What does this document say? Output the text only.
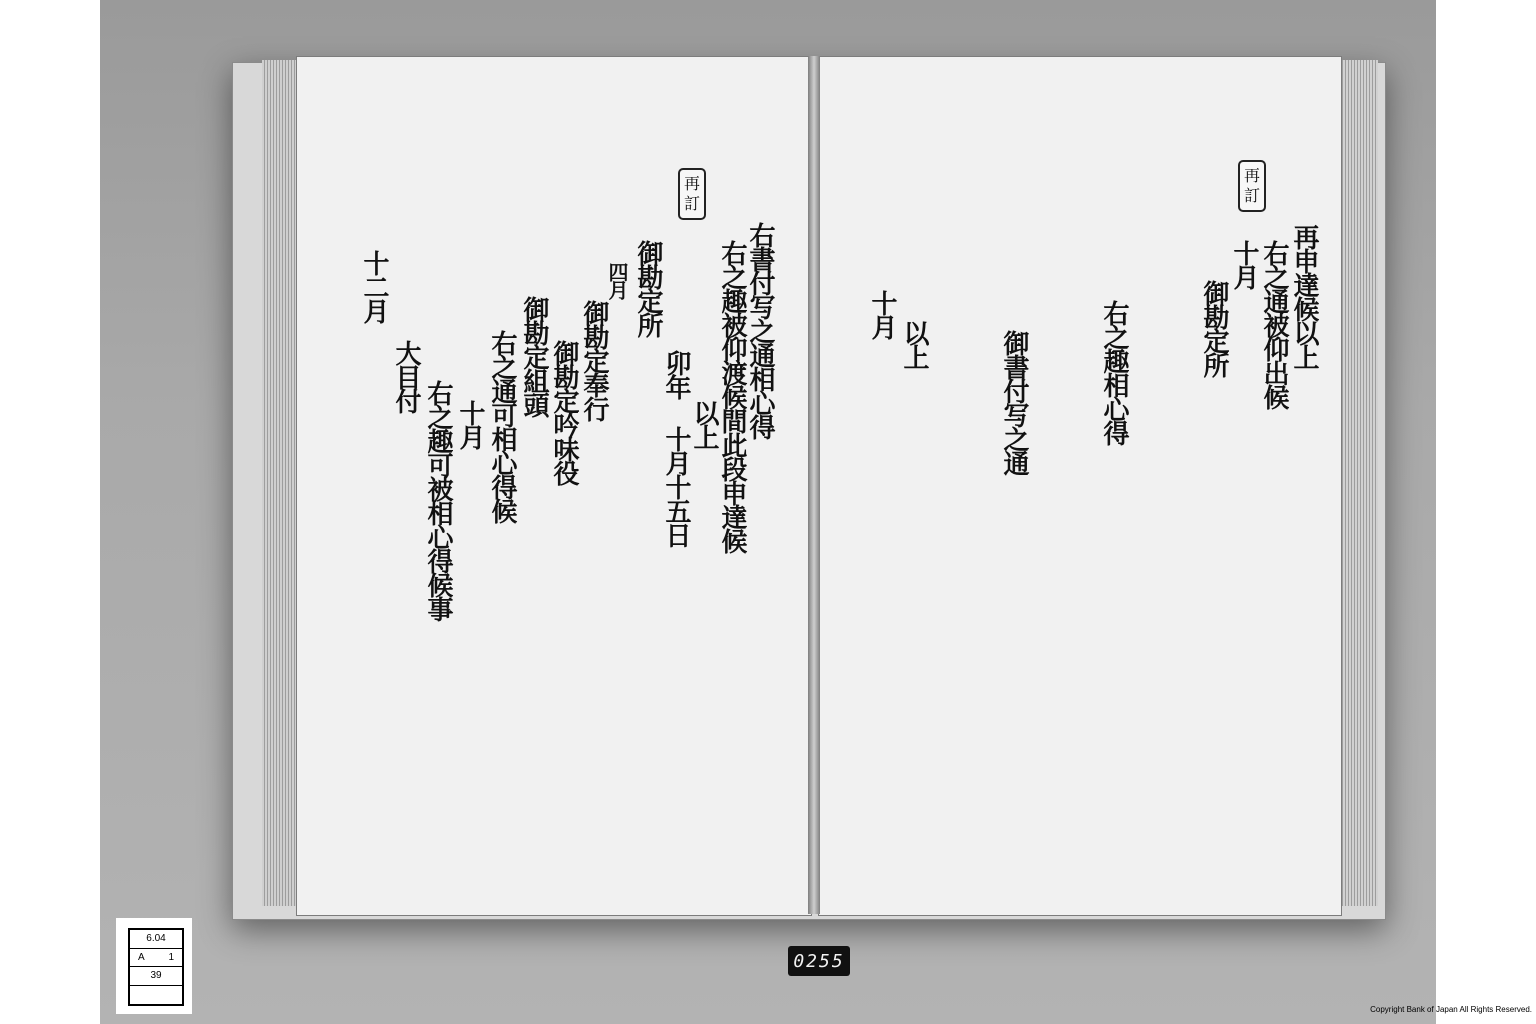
再
訂
再
訂
右書付写之通相心得
右之趣被仰渡候間此段申達候
以上
卯年 十月十五日
御勘定所
四月
御勘定奉行
御勘定吟味役
御勘定組頭
右之通可相心得候
十月
右之趣可被相心得候事
大目付
十二月	再申達候以上
右之通被仰出候
十月
御勘定所
右之趣相心得
御書付写之通
以上
十月
6.04
A 1
39
0255
Copyright Bank of Japan All Rights Reserved.
